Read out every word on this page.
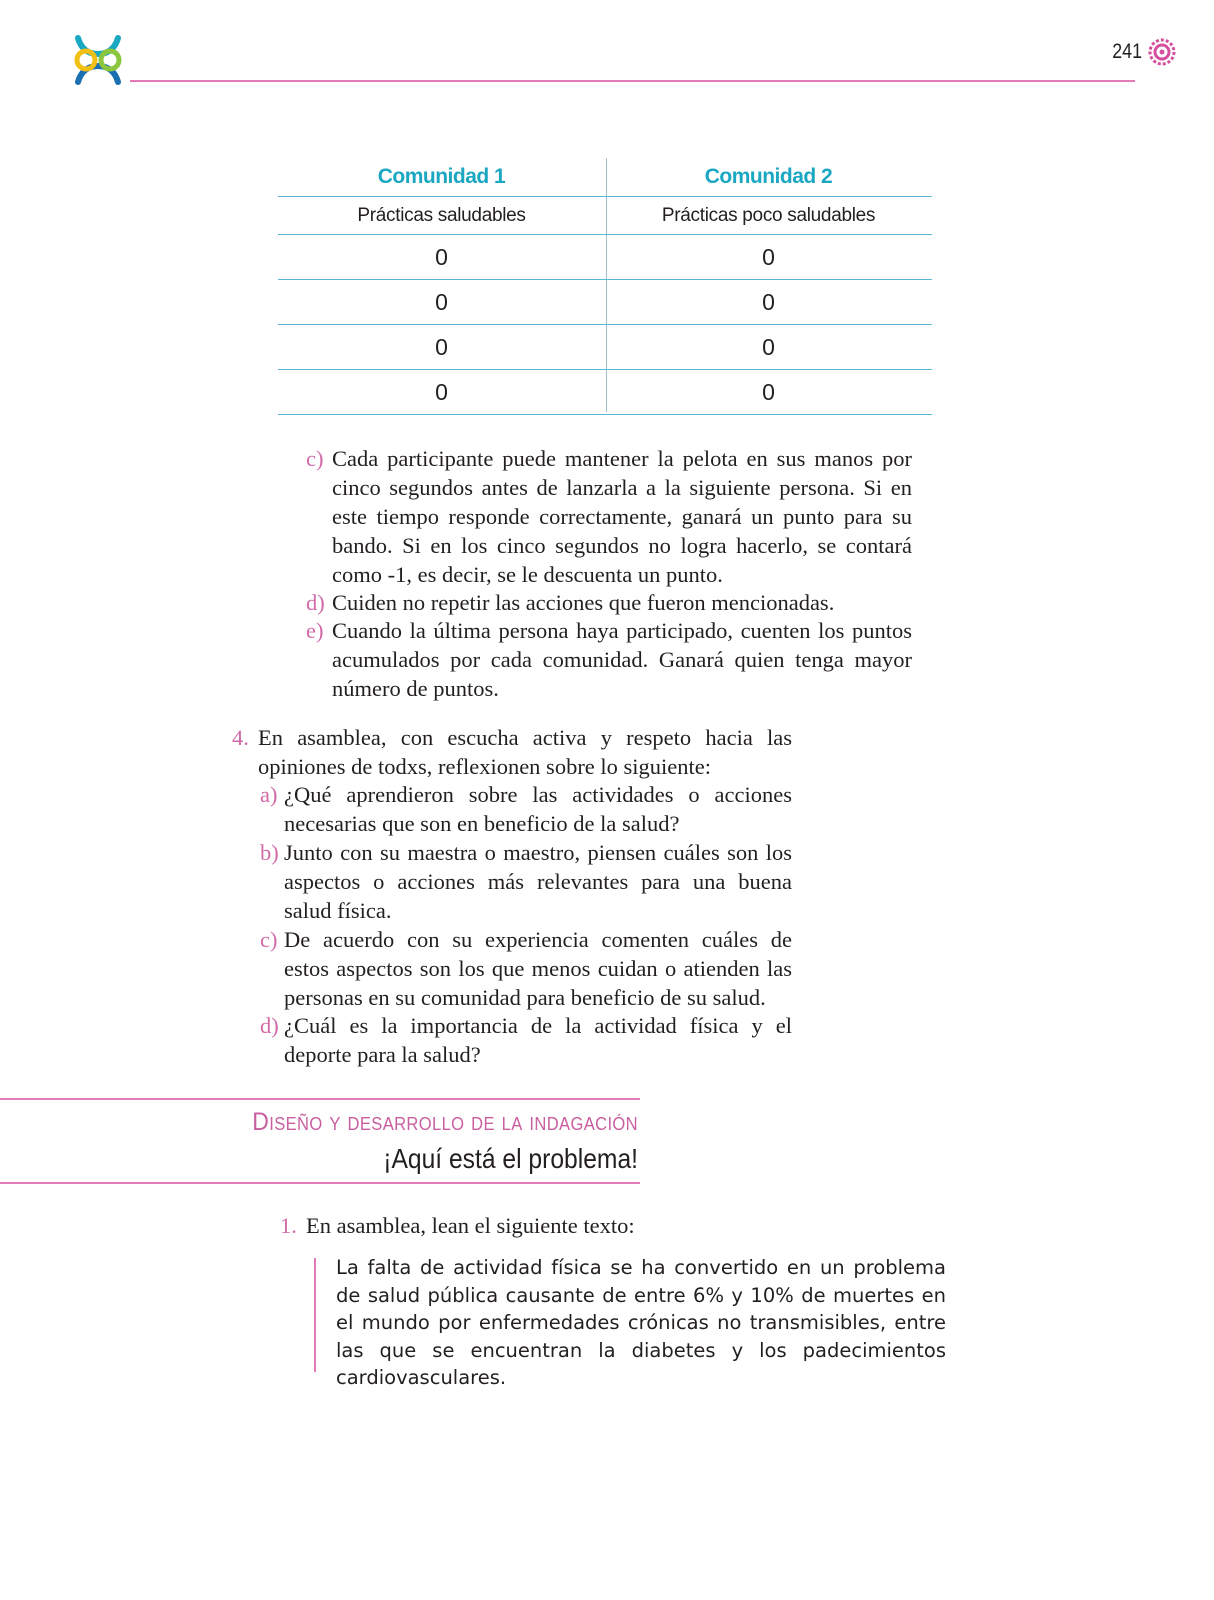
241
Comunidad 1	Comunidad 2
Prácticas saludables	Prácticas poco saludables
0	0
0	0
0	0
0	0
c) Cada participante puede mantener la pelota en sus manos por cinco segundos antes de lanzarla a la siguiente persona. Si en este tiempo responde correctamente, ganará un punto para su bando. Si en los cinco segundos no logra hacerlo, se contará como -1, es decir, se le descuenta un punto.
d) Cuiden no repetir las acciones que fueron mencionadas.
e) Cuando la última persona haya participado, cuenten los puntos acumulados por cada comunidad. Ganará quien tenga mayor número de puntos.
4. En asamblea, con escucha activa y respeto hacia las opiniones de todxs, reflexionen sobre lo siguiente:
a) ¿Qué aprendieron sobre las actividades o acciones necesarias que son en beneficio de la salud?
b) Junto con su maestra o maestro, piensen cuáles son los aspectos o acciones más relevantes para una buena salud física.
c) De acuerdo con su experiencia comenten cuáles de estos aspectos son los que menos cuidan o atienden las personas en su comunidad para beneficio de su salud.
d) ¿Cuál es la importancia de la actividad física y el deporte para la salud?
Diseño y desarrollo de la indagación
¡Aquí está el problema!
1. En asamblea, lean el siguiente texto:
La falta de actividad física se ha convertido en un problema de salud pública causante de entre 6% y 10% de muertes en el mundo por enfermedades crónicas no transmisibles, entre las que se encuentran la diabetes y los padecimientos cardiovasculares.
